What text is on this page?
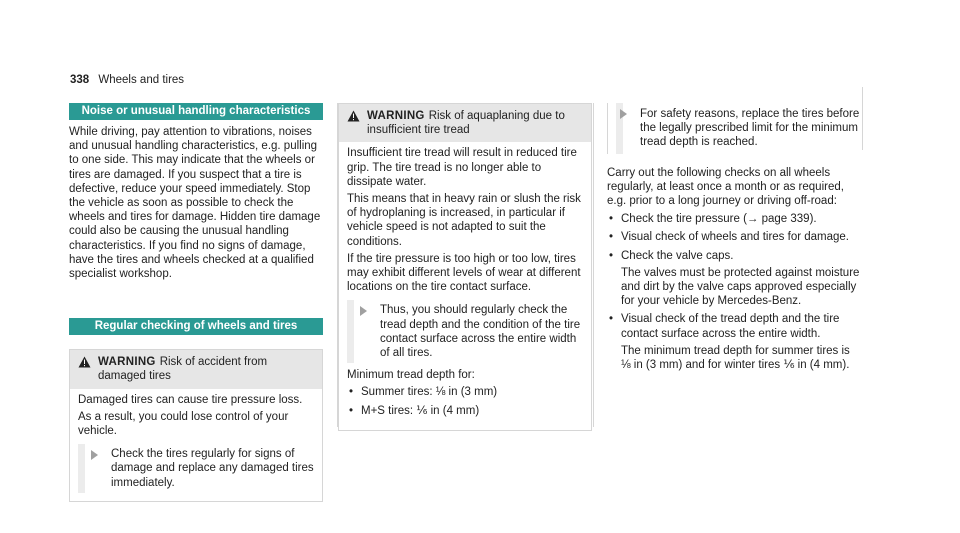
338 Wheels and tires
Noise or unusual handling characteristics

While driving, pay attention to vibrations, noises and unusual handling characteristics, e.g. pulling to one side. This may indicate that the wheels or tires are damaged. If you suspect that a tire is defective, reduce your speed immediately. Stop the vehicle as soon as possible to check the wheels and tires for damage. Hidden tire damage could also be causing the unusual handling characteristics. If you find no signs of damage, have the tires and wheels checked at a qualified specialist workshop.

Regular checking of wheels and tires
WARNING Risk of accident from damaged tires

Damaged tires can cause tire pressure loss.

As a result, you could lose control of your vehicle.

Check the tires regularly for signs of damage and replace any damaged tires immediately.
WARNING Risk of aquaplaning due to insufficient tire tread

Insufficient tire tread will result in reduced tire grip. The tire tread is no longer able to dissipate water.

This means that in heavy rain or slush the risk of hydroplaning is increased, in particular if vehicle speed is not adapted to suit the conditions.

If the tire pressure is too high or too low, tires may exhibit different levels of wear at different locations on the tire contact surface.

Thus, you should regularly check the tread depth and the condition of the tire contact surface across the entire width of all tires.

Minimum tread depth for:

• Summer tires: ⅛ in (3 mm)
• M+S tires: ⅙ in (4 mm)
For safety reasons, replace the tires before the legally prescribed limit for the minimum tread depth is reached.

Carry out the following checks on all wheels regularly, at least once a month or as required, e.g. prior to a long journey or driving off-road:

• Check the tire pressure (→ page 339).
• Visual check of wheels and tires for damage.
• Check the valve caps.
The valves must be protected against moisture and dirt by the valve caps approved especially for your vehicle by Mercedes-Benz.
• Visual check of the tread depth and the tire contact surface across the entire width.
The minimum tread depth for summer tires is ⅛ in (3 mm) and for winter tires ⅙ in (4 mm).
